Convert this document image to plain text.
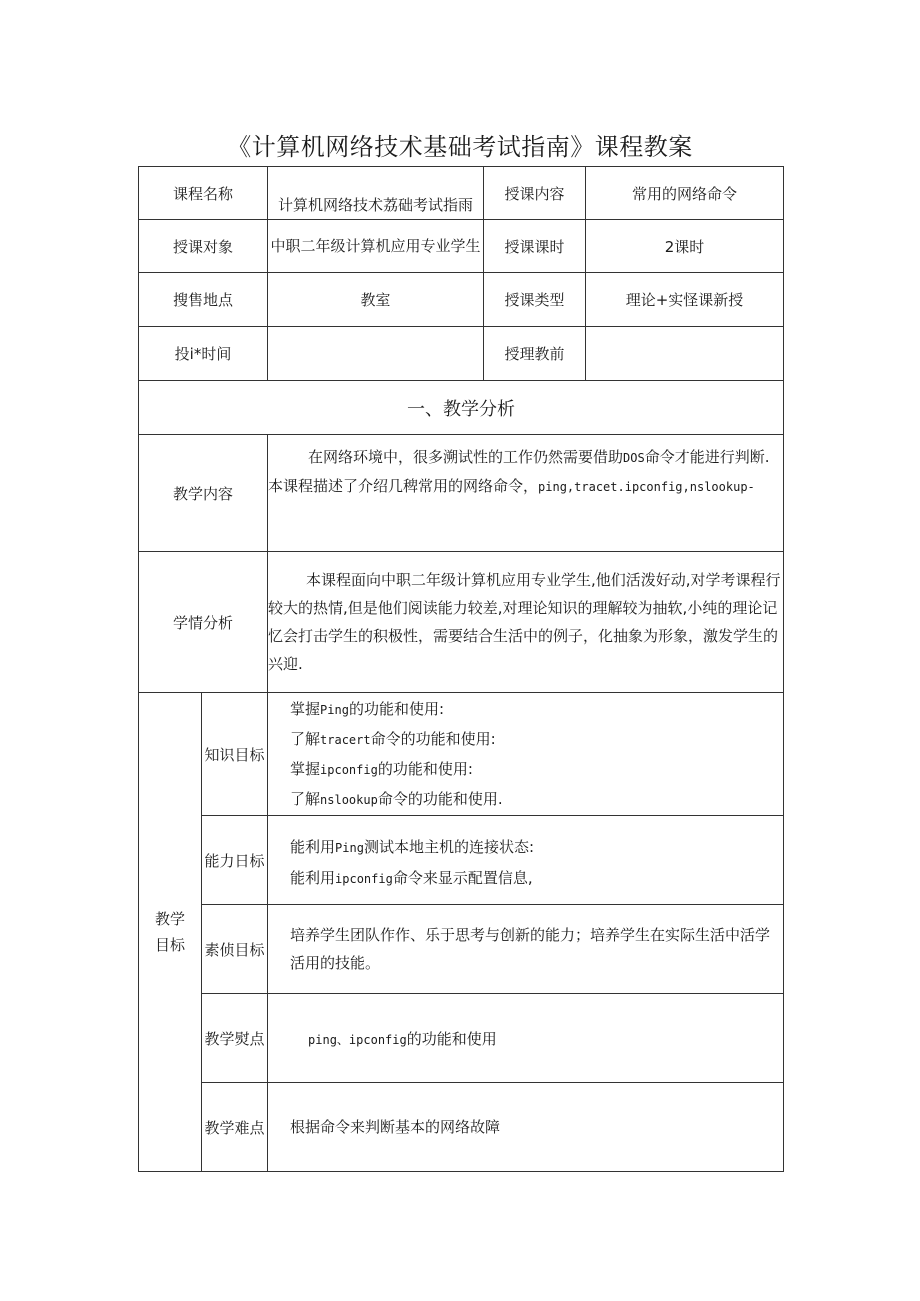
《计算机网络技术基础考试指南》课程教案
课程名称		计算机网络技术荔础考试指雨	授课内容	常用的网络命令
授课对象		中职二年级计算机应用专业学生	授课课时	2课时
搜售地点		教室	授课类型	理论+实怪课新授
投i*时间			授理教前	
一、教学分析				
教学内容		在网络环境中，很多溯试性的工作仍然需要借助DOS命令才能进行判断.
本课程描述了介绍几稗常用的网络命令，ping,tracet.ipconfig,nslookup-		
学情分析		本课程面向中职二年级计算机应用专业学生,他们活泼好动,对学考课程行较大的热情,但是他们阅读能力较差,对理论知识的理解较为抽软,小纯的理论记忆会打击学生的积极性，需要结合生活中的例子，化抽象为形象，激发学生的兴迎.		
教学目标	知识目标	掌握Ping的功能和使用:
了解tracert命令的功能和使用:
掌握ipconfig的功能和使用:
了解nslookup命令的功能和使用.		

	能力日标	能利用Ping测试本地主机的连接状态:
能利用ipconfig命令来显示配置信息,		

	素侦目标	培养学生团队作作、乐于思考与创新的能力；培养学生在实际生活中活学活用的技能。		
	教学熨点	ping、ipconfig的功能和使用		
	教学难点	根据命令来判断基本的网络故障		
